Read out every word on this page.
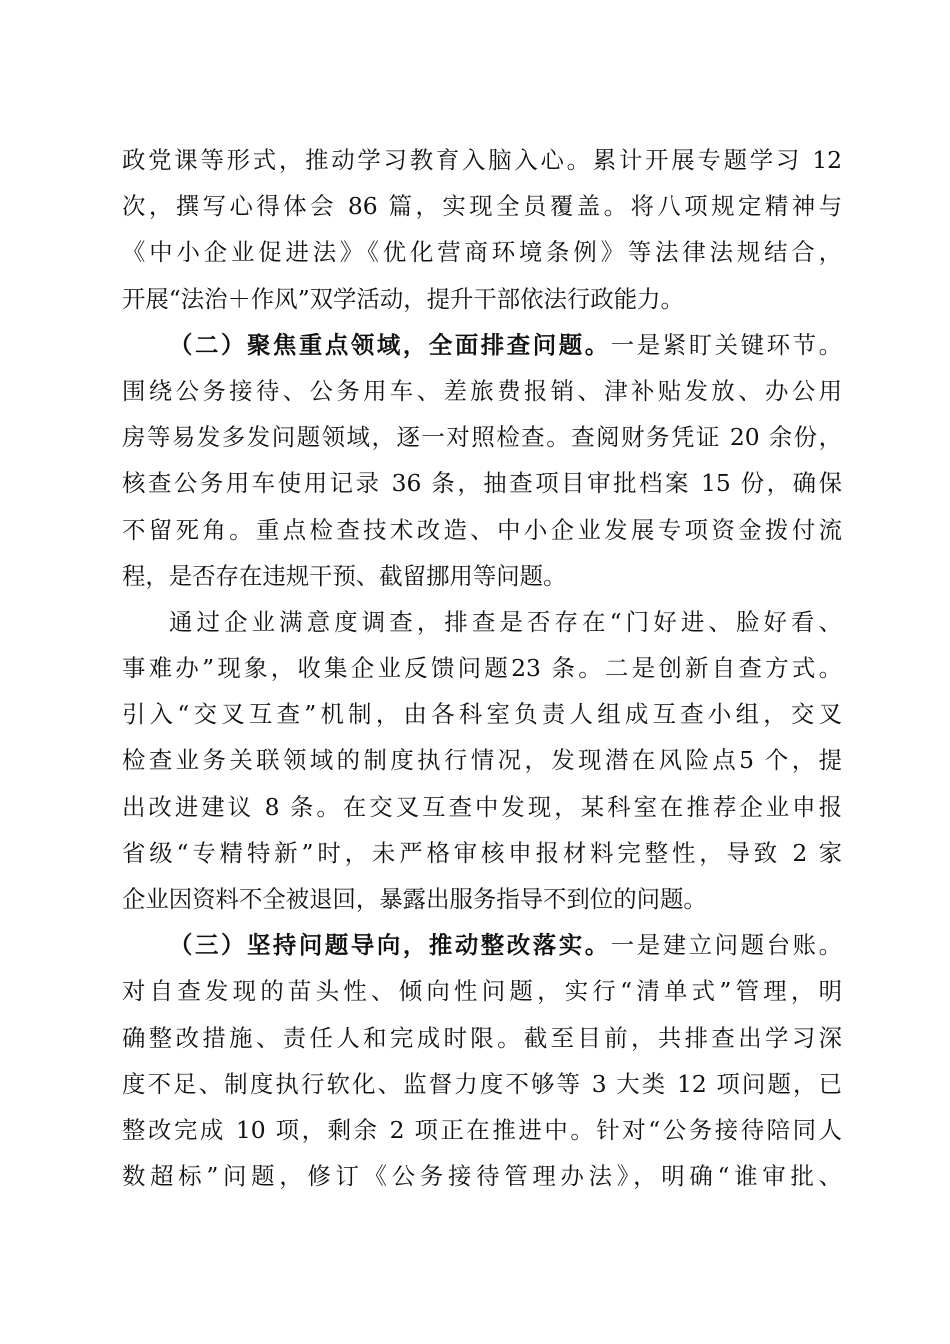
政党课等形式，推动学习教育入脑入心。累计开展专题学习 12
次，撰写心得体会 86 篇，实现全员覆盖。将八项规定精神与
《中小企业促进法》《优化营商环境条例》等法律法规结合，
开展“法治＋作风”双学活动，提升干部依法行政能力。
（二）聚焦重点领域，全面排查问题。一是紧盯关键环节。
围绕公务接待、公务用车、差旅费报销、津补贴发放、办公用
房等易发多发问题领域，逐一对照检查。查阅财务凭证 20 余份，
核查公务用车使用记录 36 条，抽查项目审批档案 15 份，确保
不留死角。重点检查技术改造、中小企业发展专项资金拨付流
程，是否存在违规干预、截留挪用等问题。
通过企业满意度调查，排查是否存在“门好进、脸好看、
事难办”现象，收集企业反馈问题23 条。二是创新自查方式。
引入“交叉互查”机制，由各科室负责人组成互查小组，交叉
检查业务关联领域的制度执行情况，发现潜在风险点5 个，提
出改进建议 8 条。在交叉互查中发现，某科室在推荐企业申报
省级“专精特新”时，未严格审核申报材料完整性，导致 2 家
企业因资料不全被退回，暴露出服务指导不到位的问题。
（三）坚持问题导向，推动整改落实。一是建立问题台账。
对自查发现的苗头性、倾向性问题，实行“清单式”管理，明
确整改措施、责任人和完成时限。截至目前，共排查出学习深
度不足、制度执行软化、监督力度不够等 3 大类 12 项问题，已
整改完成 10 项，剩余 2 项正在推进中。针对“公务接待陪同人
数超标”问题，修订《公务接待管理办法》，明确“谁审批、
